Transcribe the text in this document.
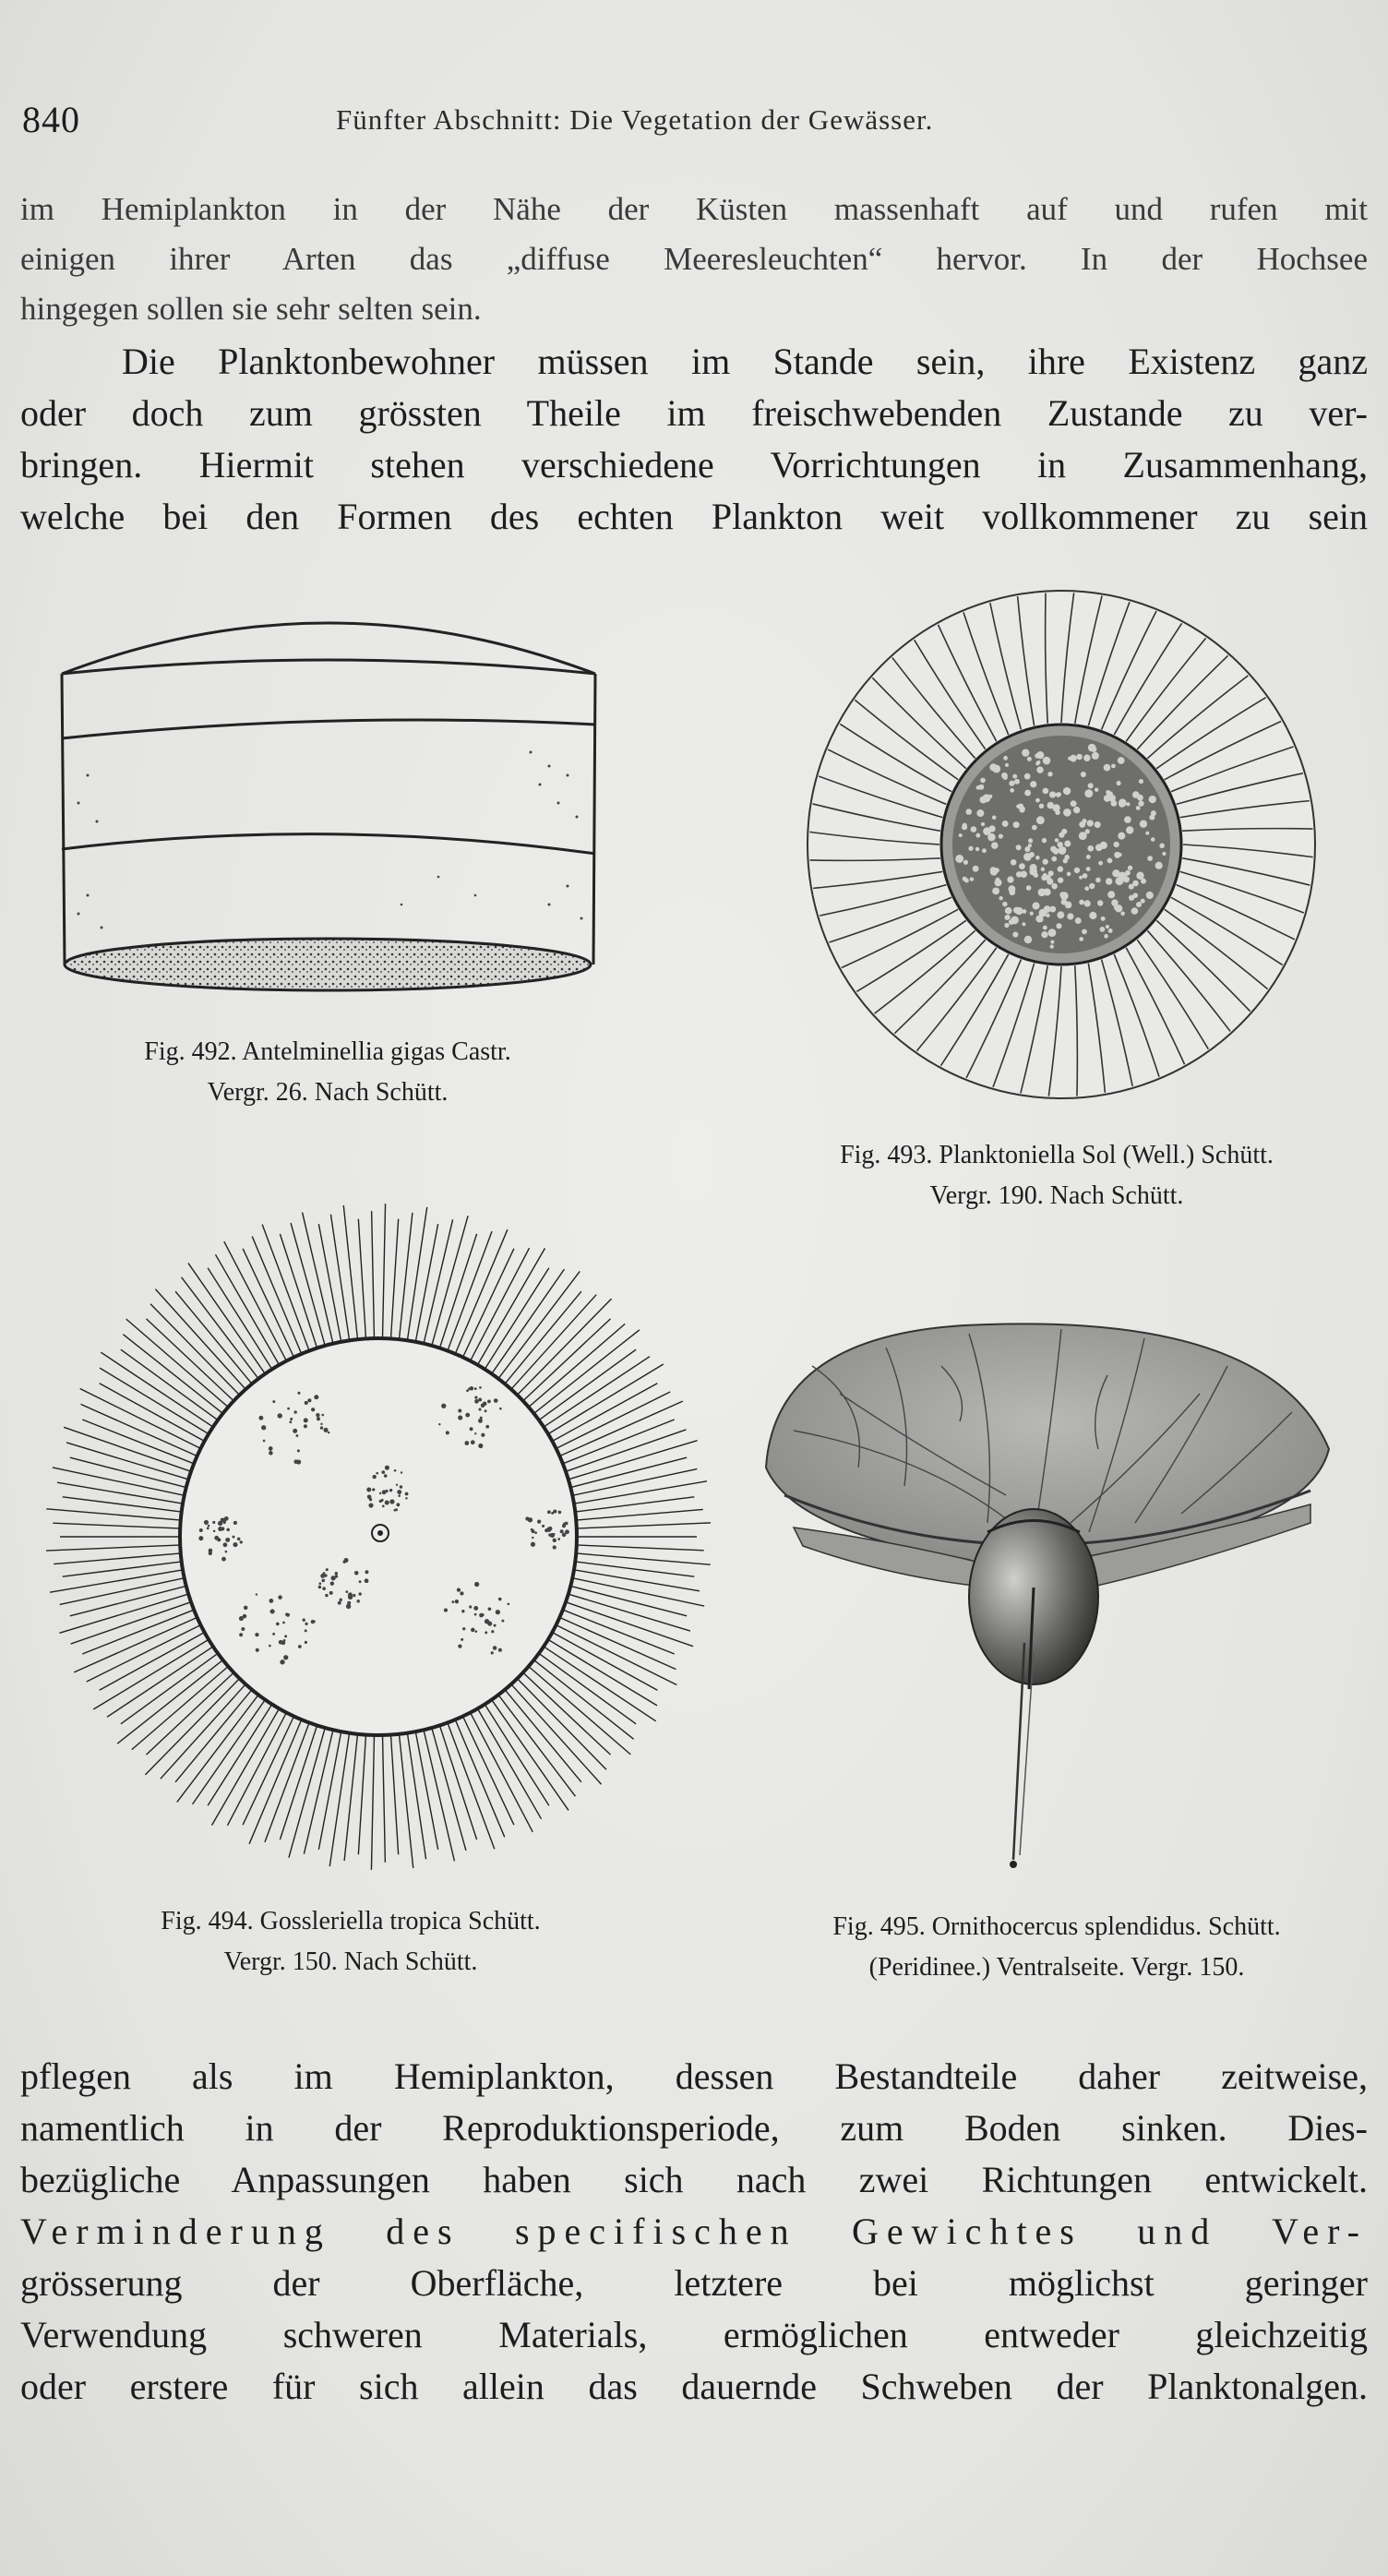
840	Fünfter Abschnitt: Die Vegetation der Gewässer.
im Hemiplankton in der Nähe der Küsten massenhaft auf und rufen mit
einigen ihrer Arten das „diffuse Meeresleuchten“ hervor. In der Hochsee
hingegen sollen sie sehr selten sein.
Die Planktonbewohner müssen im Stande sein, ihre Existenz ganz
oder doch zum grössten Theile im freischwebenden Zustande zu ver-
bringen. Hiermit stehen verschiedene Vorrichtungen in Zusammenhang,
welche bei den Formen des echten Plankton weit vollkommener zu sein
Fig. 492. Antelminellia gigas Castr.
Vergr. 26. Nach Schütt.
Fig. 493. Planktoniella Sol (Well.) Schütt.
Vergr. 190. Nach Schütt.
Fig. 494. Gossleriella tropica Schütt.
Vergr. 150. Nach Schütt.
Fig. 495. Ornithocercus splendidus. Schütt.
(Peridinee.) Ventralseite. Vergr. 150.
pflegen als im Hemiplankton, dessen Bestandteile daher zeitweise,
namentlich in der Reproduktionsperiode, zum Boden sinken. Dies-
bezügliche Anpassungen haben sich nach zwei Richtungen entwickelt.
Verminderung des specifischen Gewichtes und Ver-
grösserung der Oberfläche, letztere bei möglichst geringer
Verwendung schweren Materials, ermöglichen entweder gleichzeitig
oder erstere für sich allein das dauernde Schweben der Planktonalgen.
